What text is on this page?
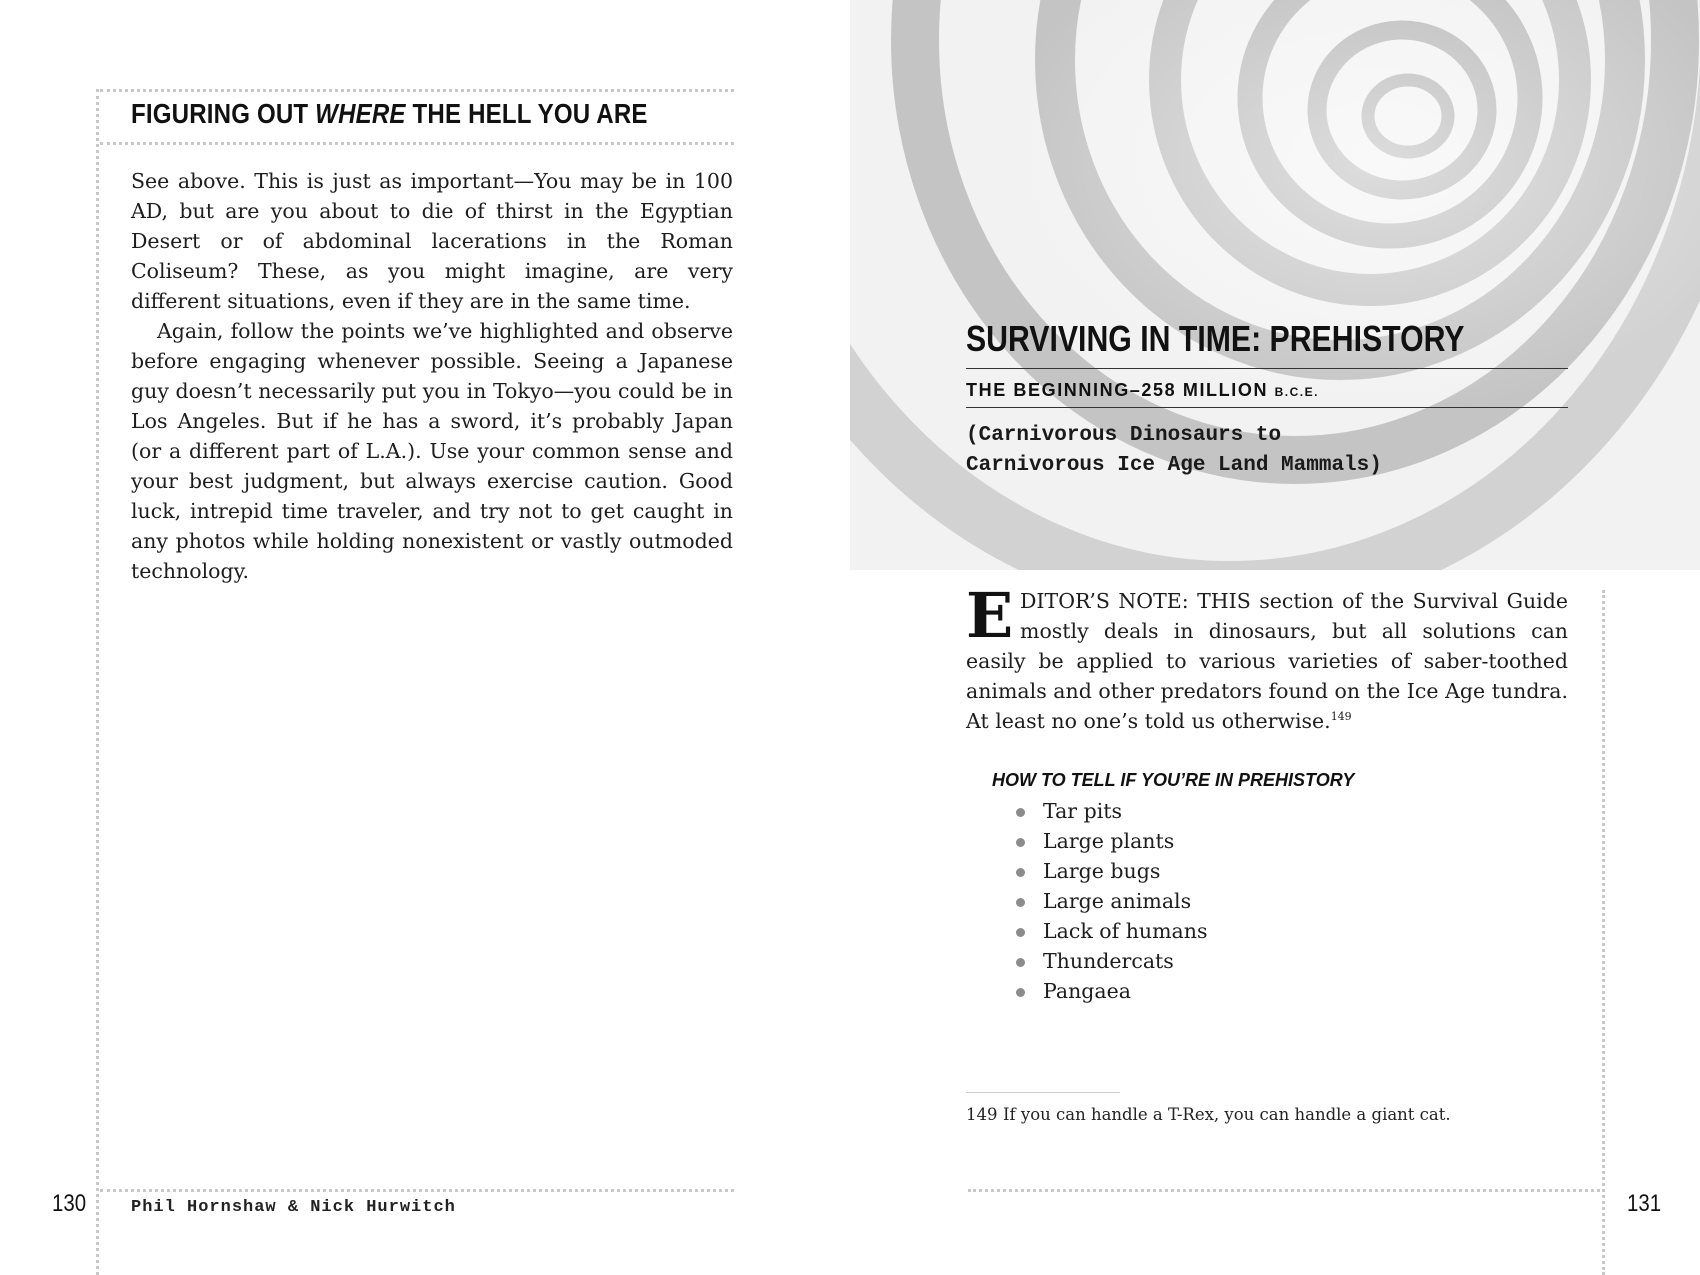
FIGURING OUT WHERE THE HELL YOU ARE

See above. This is just as important—You may be in 100 AD, but are you about to die of thirst in the Egyptian Desert or of abdominal lacerations in the Roman Coliseum? These, as you might imagine, are very different situations, even if they are in the same time.

Again, follow the points we’ve highlighted and observe before engaging whenever possible. Seeing a Japanese guy doesn’t necessarily put you in Tokyo—you could be in Los Angeles. But if he has a sword, it’s probably Japan (or a different part of L.A.). Use your common sense and your best judgment, but always exercise caution. Good luck, intrepid time traveler, and try not to get caught in any photos while holding nonexistent or vastly outmoded technology.

130	Phil Hornshaw & Nick Hurwitch
SURVIVING IN TIME: PREHISTORY
THE BEGINNING–258 MILLION B.C.E.
(Carnivorous Dinosaurs to
Carnivorous Ice Age Land Mammals)
EDITOR’S NOTE: THIS section of the Survival Guide mostly deals in dinosaurs, but all solutions can easily be applied to various varieties of saber-toothed animals and other predators found on the Ice Age tundra. At least no one’s told us otherwise.$^{149}$
HOW TO TELL IF YOU’RE IN PREHISTORY
Tar pits
Large plants
Large bugs
Large animals
Lack of humans
Thundercats
Pangaea
149 If you can handle a T-Rex, you can handle a giant cat.
131
